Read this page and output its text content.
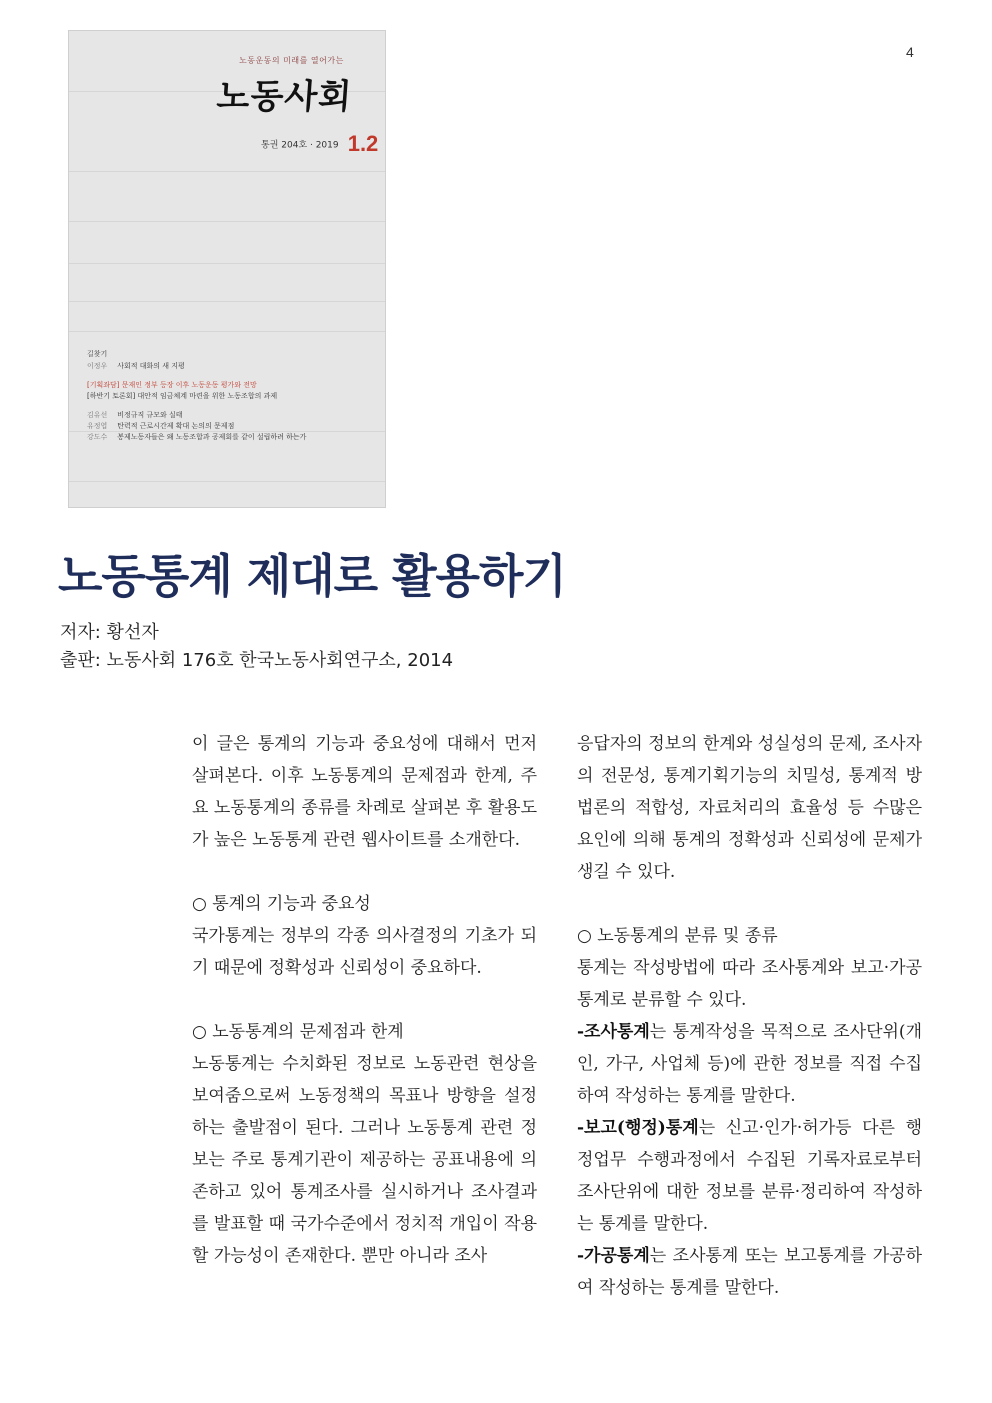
4
노동운동의 미래를 열어가는
노동사회
통권 204호 · 2019 1.2
길찾기
이정우 사회적 대화의 새 지평
[기획좌담] 문재인 정부 등장 이후 노동운동 평가와 전망
[하반기 토론회] 대안적 임금체계 마련을 위한 노동조합의 과제
김유선 비정규직 규모와 실태
유정엽 탄력적 근로시간제 확대 논의의 문제점
강도수 봉제노동자들은 왜 노동조합과 공제회를 같이 설립하려 하는가
노동통계 제대로 활용하기
저자: 황선자
출판: 노동사회 176호 한국노동사회연구소, 2014

이 글은 통계의 기능과 중요성에 대해서 먼저 살펴본다. 이후 노동통계의 문제점과 한계, 주요 노동통계의 종류를 차례로 살펴본 후 활용도가 높은 노동통계 관련 웹사이트를 소개한다.

○ 통계의 기능과 중요성

국가통계는 정부의 각종 의사결정의 기초가 되기 때문에 정확성과 신뢰성이 중요하다.

○ 노동통계의 문제점과 한계

노동통계는 수치화된 정보로 노동관련 현상을 보여줌으로써 노동정책의 목표나 방향을 설정하는 출발점이 된다. 그러나 노동통계 관련 정보는 주로 통계기관이 제공하는 공표내용에 의존하고 있어 통계조사를 실시하거나 조사결과를 발표할 때 국가수준에서 정치적 개입이 작용할 가능성이 존재한다. 뿐만 아니라 조사

응답자의 정보의 한계와 성실성의 문제, 조사자의 전문성, 통계기획기능의 치밀성, 통계적 방법론의 적합성, 자료처리의 효율성 등 수많은 요인에 의해 통계의 정확성과 신뢰성에 문제가 생길 수 있다.

○ 노동통계의 분류 및 종류

통계는 작성방법에 따라 조사통계와 보고·가공통계로 분류할 수 있다.

-조사통계는 통계작성을 목적으로 조사단위(개인, 가구, 사업체 등)에 관한 정보를 직접 수집하여 작성하는 통계를 말한다.

-보고(행정)통계는 신고·인가·허가등 다른 행정업무 수행과정에서 수집된 기록자료로부터 조사단위에 대한 정보를 분류·정리하여 작성하는 통계를 말한다.

-가공통계는 조사통계 또는 보고통계를 가공하여 작성하는 통계를 말한다.
